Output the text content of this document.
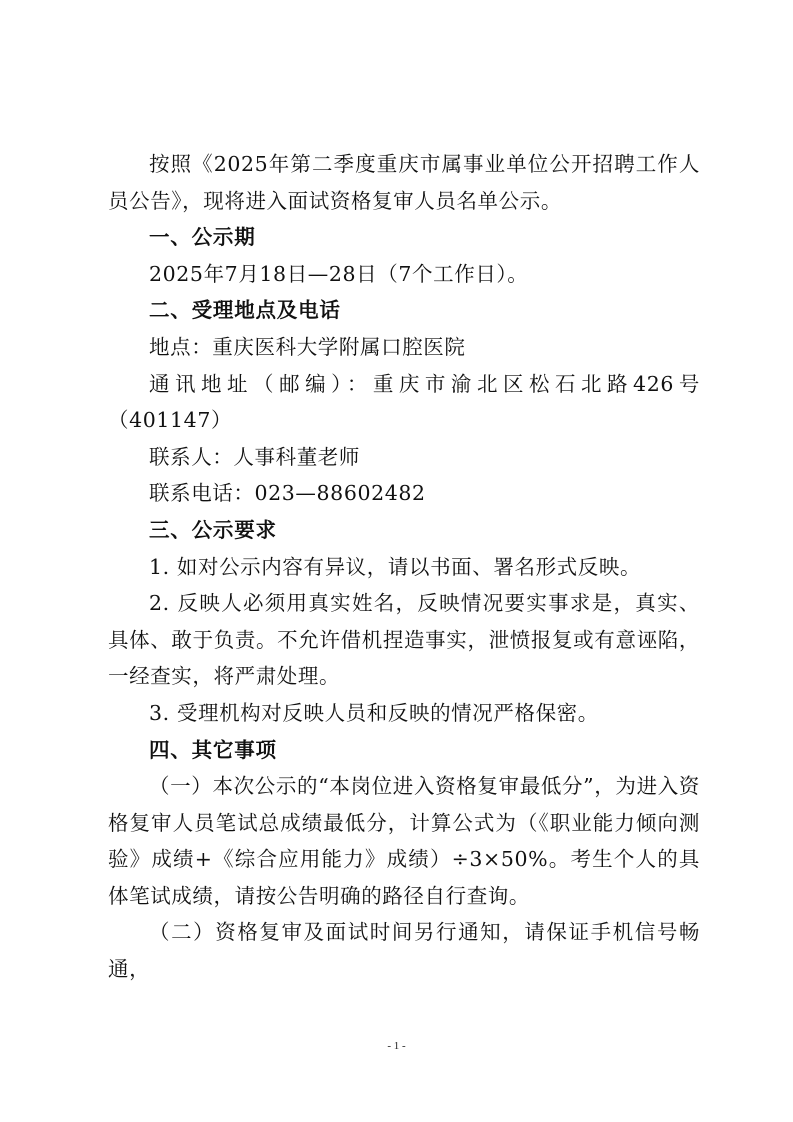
按照《2025年第二季度重庆市属事业单位公开招聘工作人员公告》，现将进入面试资格复审人员名单公示。

一、公示期

2025年7月18日—28日（7个工作日）。

二、受理地点及电话

地点：重庆医科大学附属口腔医院

通讯地址（邮编）：重庆市渝北区松石北路426号（401147）

联系人：人事科董老师

联系电话：023—88602482

三、公示要求

1. 如对公示内容有异议，请以书面、署名形式反映。

2. 反映人必须用真实姓名，反映情况要实事求是，真实、具体、敢于负责。不允许借机捏造事实，泄愤报复或有意诬陷，一经查实，将严肃处理。

3. 受理机构对反映人员和反映的情况严格保密。

四、其它事项

（一）本次公示的“本岗位进入资格复审最低分”，为进入资格复审人员笔试总成绩最低分，计算公式为（《职业能力倾向测验》成绩+《综合应用能力》成绩）÷3×50%。考生个人的具体笔试成绩，请按公告明确的路径自行查询。

（二）资格复审及面试时间另行通知，请保证手机信号畅通，

- 1 -
